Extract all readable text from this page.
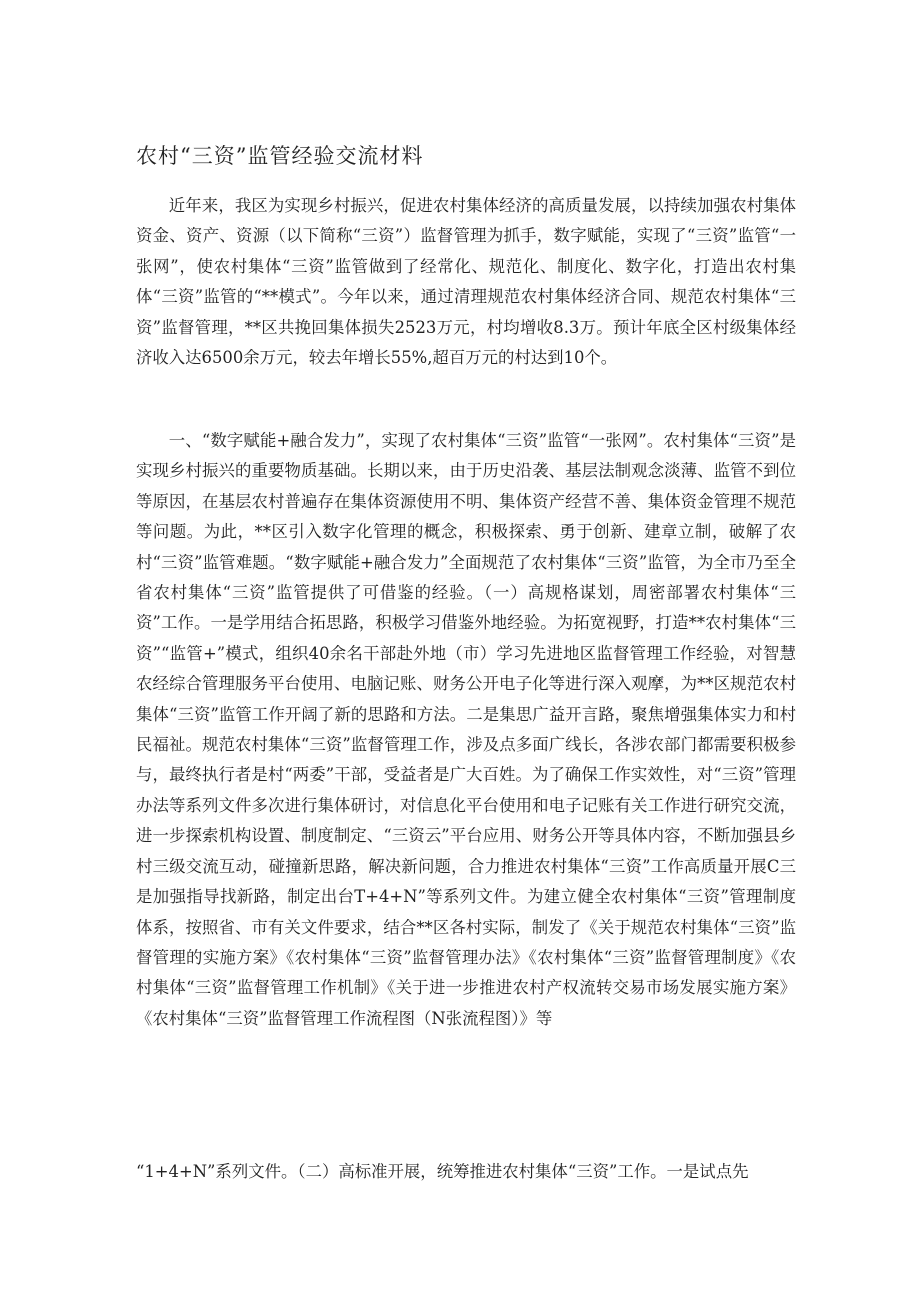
农村“三资”监管经验交流材料

近年来，我区为实现乡村振兴，促进农村集体经济的高质量发展，以持续加强农村集体资金、资产、资源（以下简称“三资”）监督管理为抓手，数字赋能，实现了“三资”监管“一张网”，使农村集体“三资”监管做到了经常化、规范化、制度化、数字化，打造出农村集体“三资”监管的“**模式”。今年以来，通过清理规范农村集体经济合同、规范农村集体“三资”监督管理，**区共挽回集体损失2523万元，村均增收8.3万。预计年底全区村级集体经济收入达6500余万元，较去年增长55%,超百万元的村达到10个。

一、“数字赋能+融合发力”，实现了农村集体“三资”监管“一张网”。农村集体“三资”是实现乡村振兴的重要物质基础。长期以来，由于历史沿袭、基层法制观念淡薄、监管不到位等原因，在基层农村普遍存在集体资源使用不明、集体资产经营不善、集体资金管理不规范等问题。为此，**区引入数字化管理的概念，积极探索、勇于创新、建章立制，破解了农村“三资”监管难题。“数字赋能+融合发力”全面规范了农村集体“三资”监管，为全市乃至全省农村集体“三资”监管提供了可借鉴的经验。（一）高规格谋划，周密部署农村集体“三资”工作。一是学用结合拓思路，积极学习借鉴外地经验。为拓宽视野，打造**农村集体“三资”“监管+”模式，组织40余名干部赴外地（市）学习先进地区监督管理工作经验，对智慧农经综合管理服务平台使用、电脑记账、财务公开电子化等进行深入观摩，为**区规范农村集体“三资”监管工作开阔了新的思路和方法。二是集思广益开言路，聚焦增强集体实力和村民福祉。规范农村集体“三资”监督管理工作，涉及点多面广线长，各涉农部门都需要积极参与，最终执行者是村“两委”干部，受益者是广大百姓。为了确保工作实效性，对“三资”管理办法等系列文件多次进行集体研讨，对信息化平台使用和电子记账有关工作进行研究交流，进一步探索机构设置、制度制定、“三资云”平台应用、财务公开等具体内容，不断加强县乡村三级交流互动，碰撞新思路，解决新问题，合力推进农村集体“三资”工作高质量开展C三是加强指导找新路，制定出台T+4+N”等系列文件。为建立健全农村集体“三资”管理制度体系，按照省、市有关文件要求，结合**区各村实际，制发了《关于规范农村集体“三资”监督管理的实施方案》《农村集体“三资”监督管理办法》《农村集体“三资”监督管理制度》《农村集体“三资”监督管理工作机制》《关于进一步推进农村产权流转交易市场发展实施方案》《农村集体“三资”监督管理工作流程图（N张流程图）》等

“1+4+N”系列文件。（二）高标准开展，统筹推进农村集体“三资”工作。一是试点先
